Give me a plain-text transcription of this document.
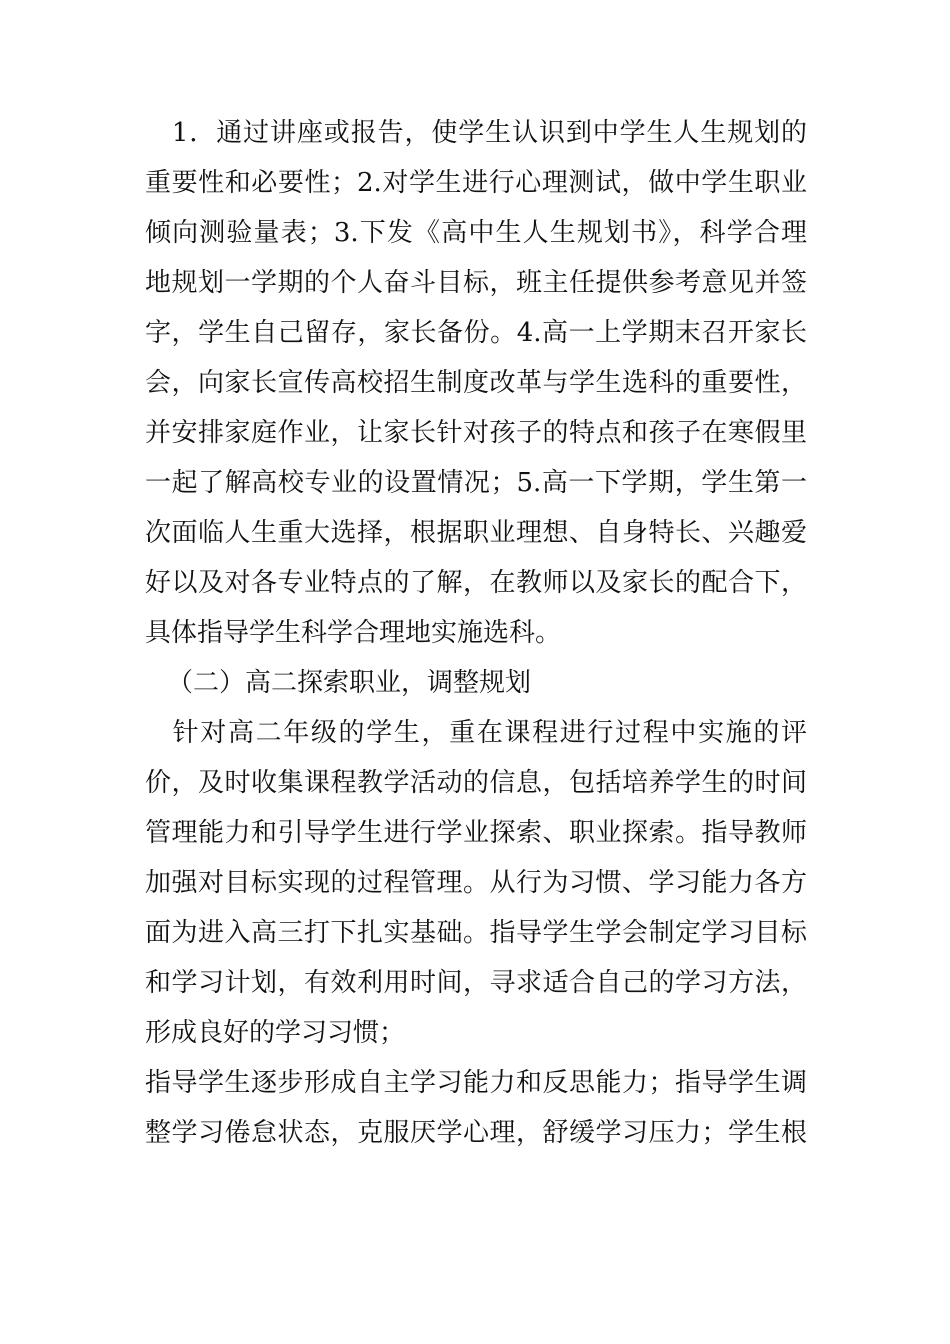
　1．通过讲座或报告，使学生认识到中学生人生规划的
重要性和必要性；2.对学生进行心理测试，做中学生职业
倾向测验量表；3.下发《高中生人生规划书》，科学合理
地规划一学期的个人奋斗目标，班主任提供参考意见并签
字，学生自己留存，家长备份。4.高一上学期末召开家长
会，向家长宣传高校招生制度改革与学生选科的重要性，
并安排家庭作业，让家长针对孩子的特点和孩子在寒假里
一起了解高校专业的设置情况；5.高一下学期，学生第一
次面临人生重大选择，根据职业理想、自身特长、兴趣爱
好以及对各专业特点的了解，在教师以及家长的配合下，
具体指导学生科学合理地实施选科。
（二）高二探索职业，调整规划
　针对高二年级的学生，重在课程进行过程中实施的评
价，及时收集课程教学活动的信息，包括培养学生的时间
管理能力和引导学生进行学业探索、职业探索。指导教师
加强对目标实现的过程管理。从行为习惯、学习能力各方
面为进入高三打下扎实基础。指导学生学会制定学习目标
和学习计划，有效利用时间，寻求适合自己的学习方法，
形成良好的学习习惯；
指导学生逐步形成自主学习能力和反思能力；指导学生调
整学习倦怠状态，克服厌学心理，舒缓学习压力；学生根
